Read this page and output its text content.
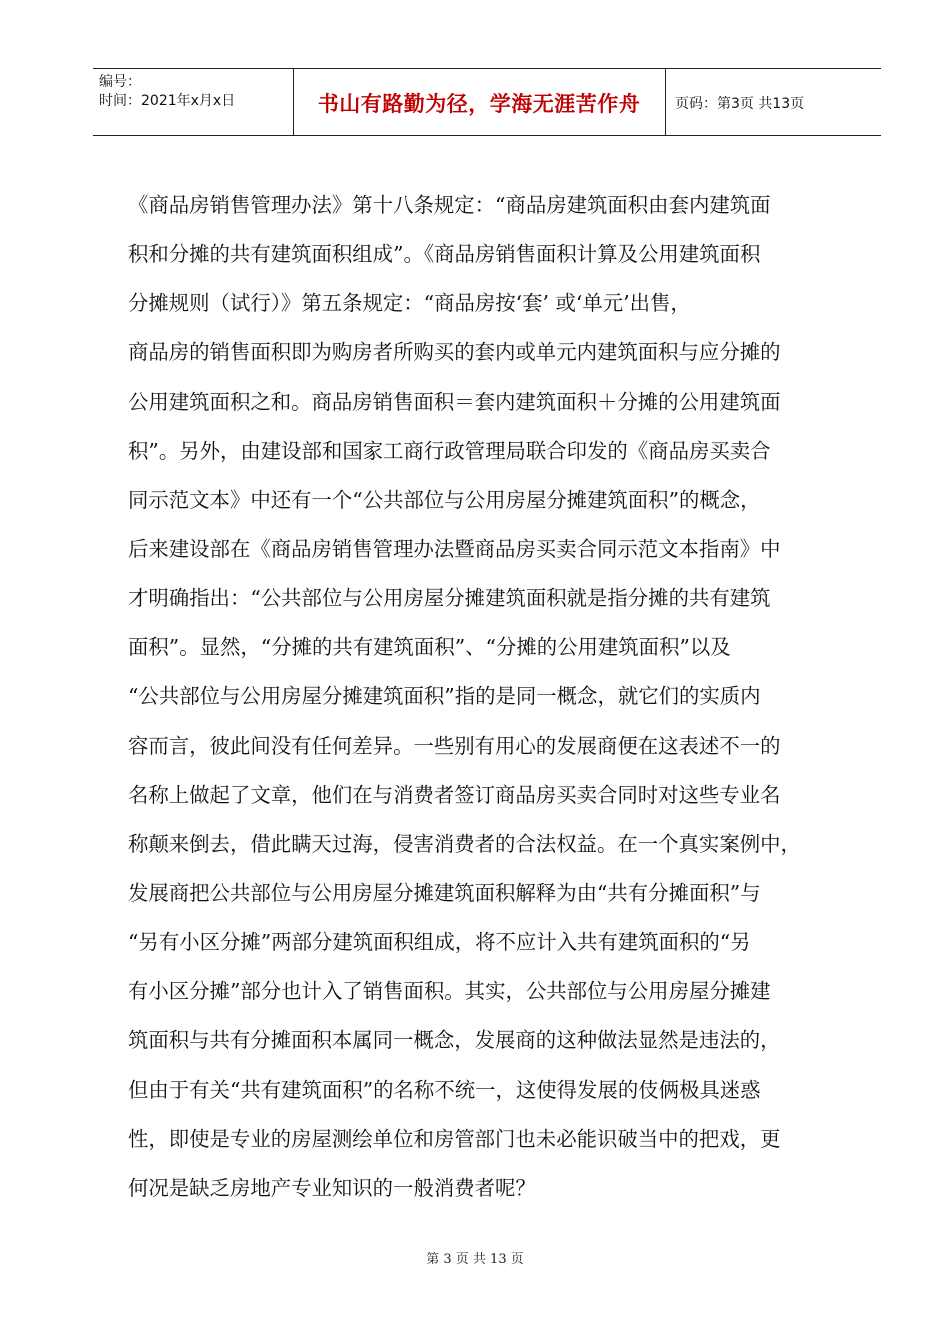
编号：
时间：2021年x月x日	书山有路勤为径，学海无涯苦作舟	页码：第3页 共13页
《商品房销售管理办法》第十八条规定：“商品房建筑面积由套内建筑面
积和分摊的共有建筑面积组成”。《商品房销售面积计算及公用建筑面积
分摊规则（试行）》第五条规定：“商品房按‘套’ 或‘单元’出售，
商品房的销售面积即为购房者所购买的套内或单元内建筑面积与应分摊的
公用建筑面积之和。商品房销售面积＝套内建筑面积＋分摊的公用建筑面
积”。另外，由建设部和国家工商行政管理局联合印发的《商品房买卖合
同示范文本》中还有一个“公共部位与公用房屋分摊建筑面积”的概念，
后来建设部在《商品房销售管理办法暨商品房买卖合同示范文本指南》中
才明确指出：“公共部位与公用房屋分摊建筑面积就是指分摊的共有建筑
面积”。显然，“分摊的共有建筑面积”、“分摊的公用建筑面积”以及
“公共部位与公用房屋分摊建筑面积”指的是同一概念，就它们的实质内
容而言，彼此间没有任何差异。一些别有用心的发展商便在这表述不一的
名称上做起了文章，他们在与消费者签订商品房买卖合同时对这些专业名
称颠来倒去，借此瞒天过海，侵害消费者的合法权益。在一个真实案例中，
发展商把公共部位与公用房屋分摊建筑面积解释为由“共有分摊面积”与
“另有小区分摊”两部分建筑面积组成，将不应计入共有建筑面积的“另
有小区分摊”部分也计入了销售面积。其实，公共部位与公用房屋分摊建
筑面积与共有分摊面积本属同一概念，发展商的这种做法显然是违法的，
但由于有关“共有建筑面积”的名称不统一，这使得发展的伎俩极具迷惑
性，即使是专业的房屋测绘单位和房管部门也未必能识破当中的把戏，更
何况是缺乏房地产专业知识的一般消费者呢？
第 3 页 共 13 页
